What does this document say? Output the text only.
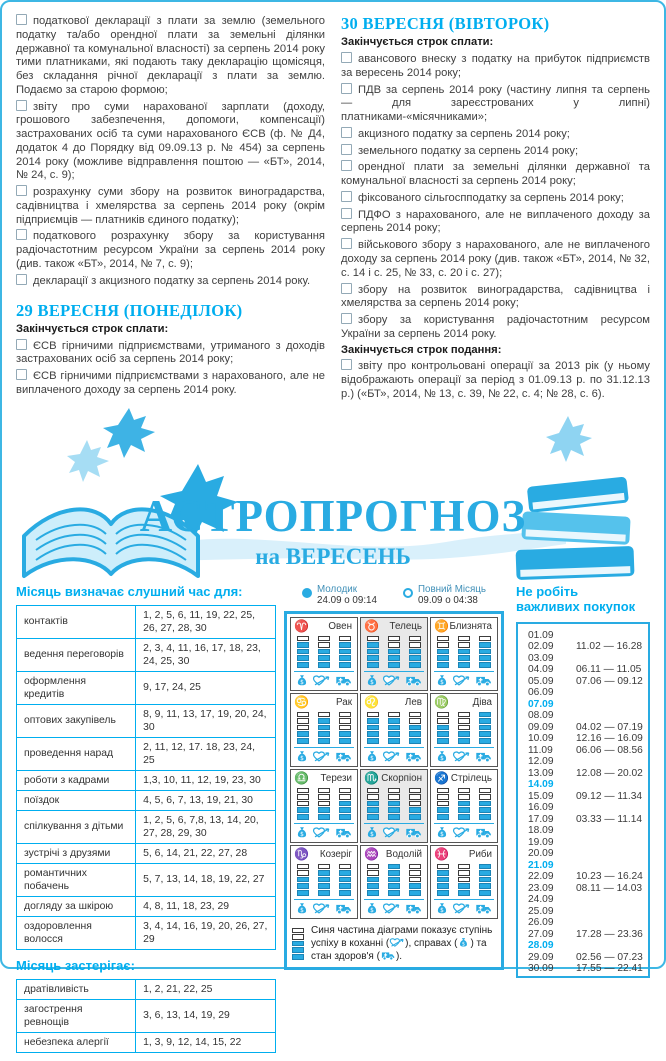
податкової декларації з плати за землю (земельного податку та/або орендної плати за земельні ділянки державної та комунальної власності) за серпень 2014 року тими платниками, які подають таку декларацію щомісяця, без складання річної декларації з плати за землю. Подаємо за старою формою;

звіту про суми нарахованої зарплати (доходу, грошового забезпечення, допомоги, компенсації) застрахованих осіб та суми нарахованого ЄСВ (ф. № Д4, додаток 4 до Порядку від 09.09.13 р. № 454) за серпень 2014 року (можливе відправлення поштою — «БТ», 2014, № 24, с. 9);

розрахунку суми збору на розвиток виноградарства, садівництва і хмелярства за серпень 2014 року (окрім підприємців — платників єдиного податку);

податкового розрахунку збору за користування радіочастотним ресурсом України за серпень 2014 року (див. також «БТ», 2014, № 7, с. 9);

декларації з акцизного податку за серпень 2014 року.

29 ВЕРЕСНЯ (ПОНЕДІЛОК)

Закінчується строк сплати:

ЄСВ гірничими підприємствами, утриманого з доходів застрахованих осіб за серпень 2014 року;

ЄСВ гірничими підприємствами з нарахованого, але не виплаченого доходу за серпень 2014 року.

30 ВЕРЕСНЯ (ВІВТОРОК)

Закінчується строк сплати:

авансового внеску з податку на прибуток підприємств за вересень 2014 року;

ПДВ за серпень 2014 року (частину липня та серпень — для зареєстрованих у липні) платниками-«місячниками»;

акцизного податку за серпень 2014 року;

земельного податку за серпень 2014 року;

орендної плати за земельні ділянки державної та комунальної власності за серпень 2014 року;

фіксованого сільгоспподатку за серпень 2014 року;

ПДФО з нарахованого, але не виплаченого доходу за серпень 2014 року;

військового збору з нарахованого, але не виплаченого доходу за серпень 2014 року (див. також «БТ», 2014, № 32, с. 14 і с. 25, № 33, с. 20 і с. 27);

збору на розвиток виноградарства, садівництва і хмелярства за серпень 2014 року;

збору за користування радіочастотним ресурсом України за серпень 2014 року.

Закінчується строк подання:

звіту про контрольовані операції за 2013 рік (у ньому відображають операції за період з 01.09.13 р. по 31.12.13 р.) («БТ», 2014, № 13, с. 39, № 22, с. 4; № 28, с. 6).

АСТРОПРОГНОЗ
на ВЕРЕСЕНЬ
Місяць визначає слушний час для:
контактів	1, 2, 5, 6, 11, 19, 22, 25, 26, 27, 28, 30
ведення переговорів	2, 3, 4, 11, 16, 17, 18, 23, 24, 25, 30
оформлення кредитів	9, 17, 24, 25
оптових закупівель	8, 9, 11, 13, 17, 19, 20, 24, 30
проведення нарад	2, 11, 12, 17. 18, 23, 24, 25
роботи з кадрами	1,3, 10, 11, 12, 19, 23, 30
поїздок	4, 5, 6, 7, 13, 19, 21, 30
спілкування з дітьми	1, 2, 5, 6, 7,8, 13, 14, 20, 27, 28, 29, 30
зустрічі з друзями	5, 6, 14, 21, 22, 27, 28
романтичних побачень	5, 7, 13, 14, 18, 19, 22, 27
догляду за шкірою	4, 8, 11, 18, 23, 29
оздоровлення волосся	3, 4, 14, 16, 19, 20, 26, 27, 29
Місяць застерігає:
дратівливість	1, 2, 21, 22, 25
загострення ревнощів	3, 6, 13, 14, 19, 29
небезпека алергії	1, 3, 9, 12, 14, 15, 22
Молодик
24.09 о 09:14
Повний Місяць
09.09 о 04:38
♈ Овен
$
♉ Телець
$
♊ Близнята
$
♋	Рак
$
♌	Лев
$
♍ Діва
$
♎ Терези
$
♏ Скорпіон
$
♐ Стрілець
$
♑ Козеріг
$
♒ Водолій
$
♓ Риби
$

Синя частина діаграми показує ступінь успіху в коханні ( ), справах ( $ ) та стан здоров'я ( ).

Не робіть важливих покупок
01.09
02.09	11.02 — 16.28
03.09
04.09	06.11 — 11.05
05.09	07.06 — 09.12
06.09
07.09
08.09
09.09	04.02 — 07.19
10.09	12.16 — 16.09
11.09	06.06 — 08.56
12.09
13.09	12.08 — 20.02
14.09
15.09	09.12 — 11.34
16.09
17.09	03.33 — 11.14
18.09
19.09
20.09
21.09
22.09	10.23 — 16.24
23.09	08.11 — 14.03
24.09
25.09
26.09
27.09	17.28 — 23.36
28.09
29.09	02.56 — 07.23
30.09	17.55 — 22.41
